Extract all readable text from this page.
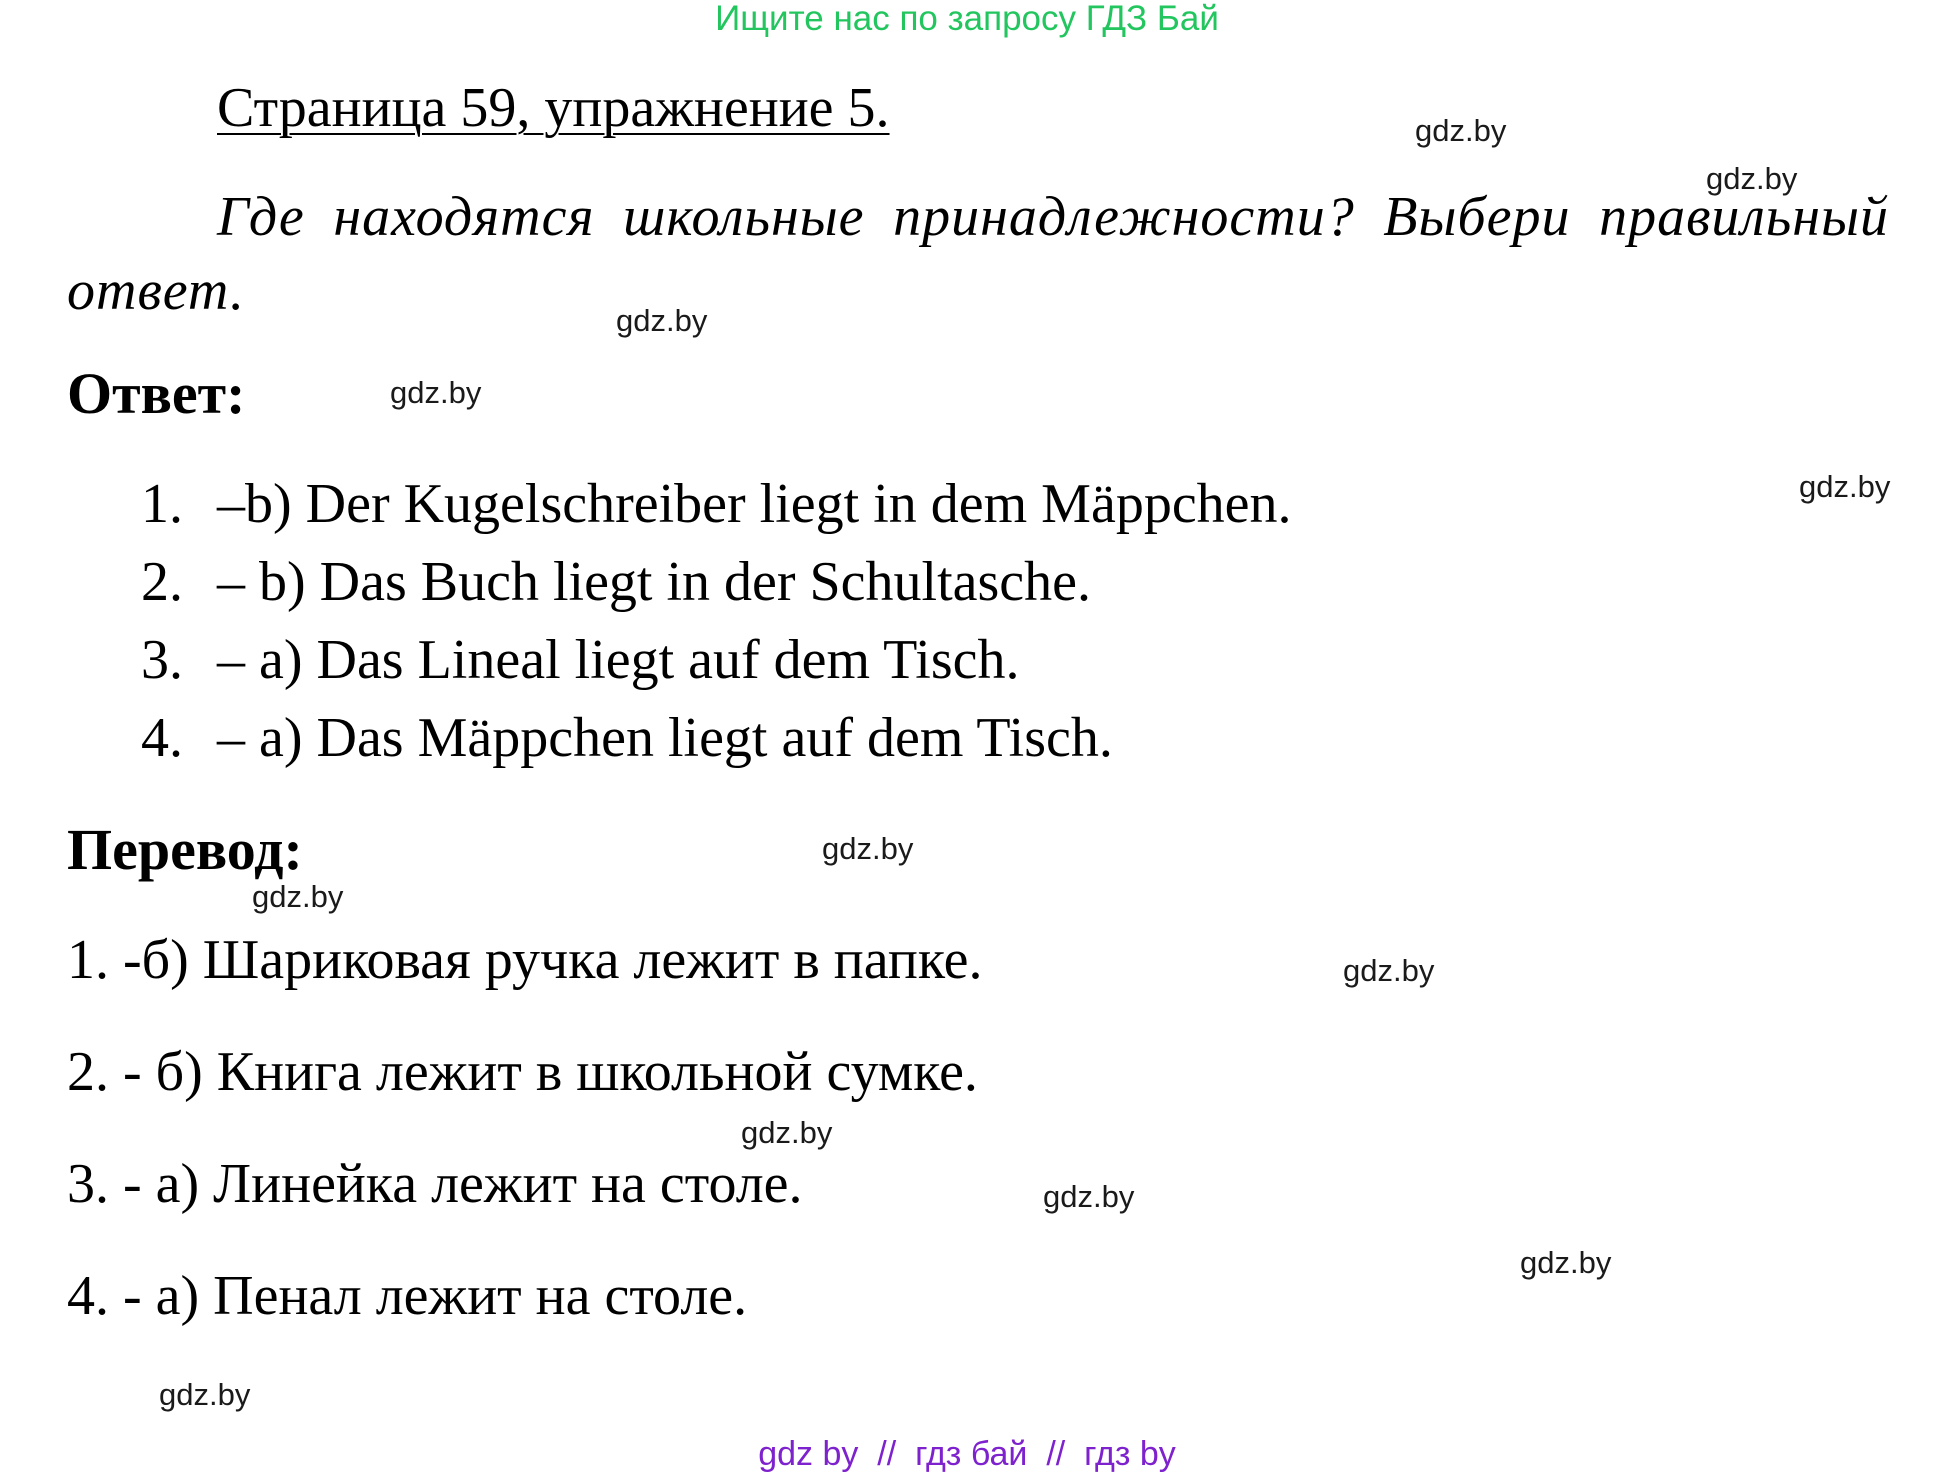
Ищите нас по запросу ГДЗ Бай
Страница 59, упражнение 5.
Где находятся школьные принадлежности? Выбери правильный ответ.
Ответ:
1. –b) Der Kugelschreiber liegt in dem Mäppchen.
2. – b) Das Buch liegt in der Schultasche.
3. – a) Das Lineal liegt auf dem Tisch.
4. – a) Das Mäppchen liegt auf dem Tisch.
Перевод:
1. -б) Шариковая ручка лежит в папке.
2. - б) Книга лежит в школьной сумке.
3. - а) Линейка лежит на столе.
4. - а) Пенал лежит на столе.
gdz.by
gdz.by
gdz.by
gdz.by
gdz.by
gdz.by
gdz.by
gdz.by
gdz.by
gdz.by
gdz.by
gdz.by
gdz by  //  гдз бай  //  гдз by
